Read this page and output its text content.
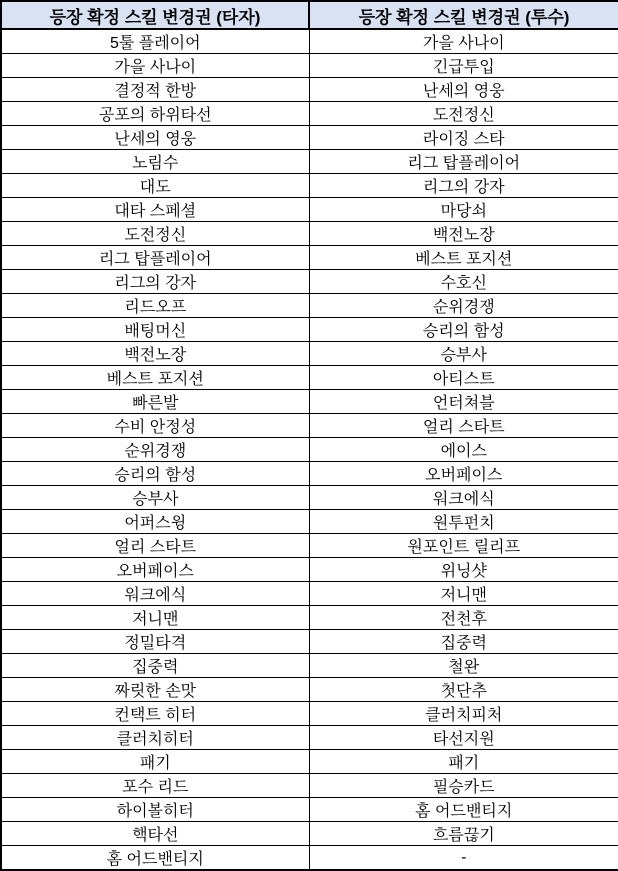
등장 확정 스킬 변경권 (타자)	등장 확정 스킬 변경권 (투수)
5툴 플레이어	가을 사나이
가을 사나이	긴급투입
결정적 한방	난세의 영웅
공포의 하위타선	도전정신
난세의 영웅	라이징 스타
노림수	리그 탑플레이어
대도	리그의 강자
대타 스페셜	마당쇠
도전정신	백전노장
리그 탑플레이어	베스트 포지션
리그의 강자	수호신
리드오프	순위경쟁
배팅머신	승리의 함성
백전노장	승부사
베스트 포지션	아티스트
빠른발	언터쳐블
수비 안정성	얼리 스타트
순위경쟁	에이스
승리의 함성	오버페이스
승부사	워크에식
어퍼스윙	원투펀치
얼리 스타트	원포인트 릴리프
오버페이스	위닝샷
워크에식	저니맨
저니맨	전천후
정밀타격	집중력
집중력	철완
짜릿한 손맛	첫단추
컨택트 히터	클러치피처
클러치히터	타선지원
패기	패기
포수 리드	필승카드
하이볼히터	홈 어드밴티지
핵타선	흐름끊기
홈 어드밴티지	-
